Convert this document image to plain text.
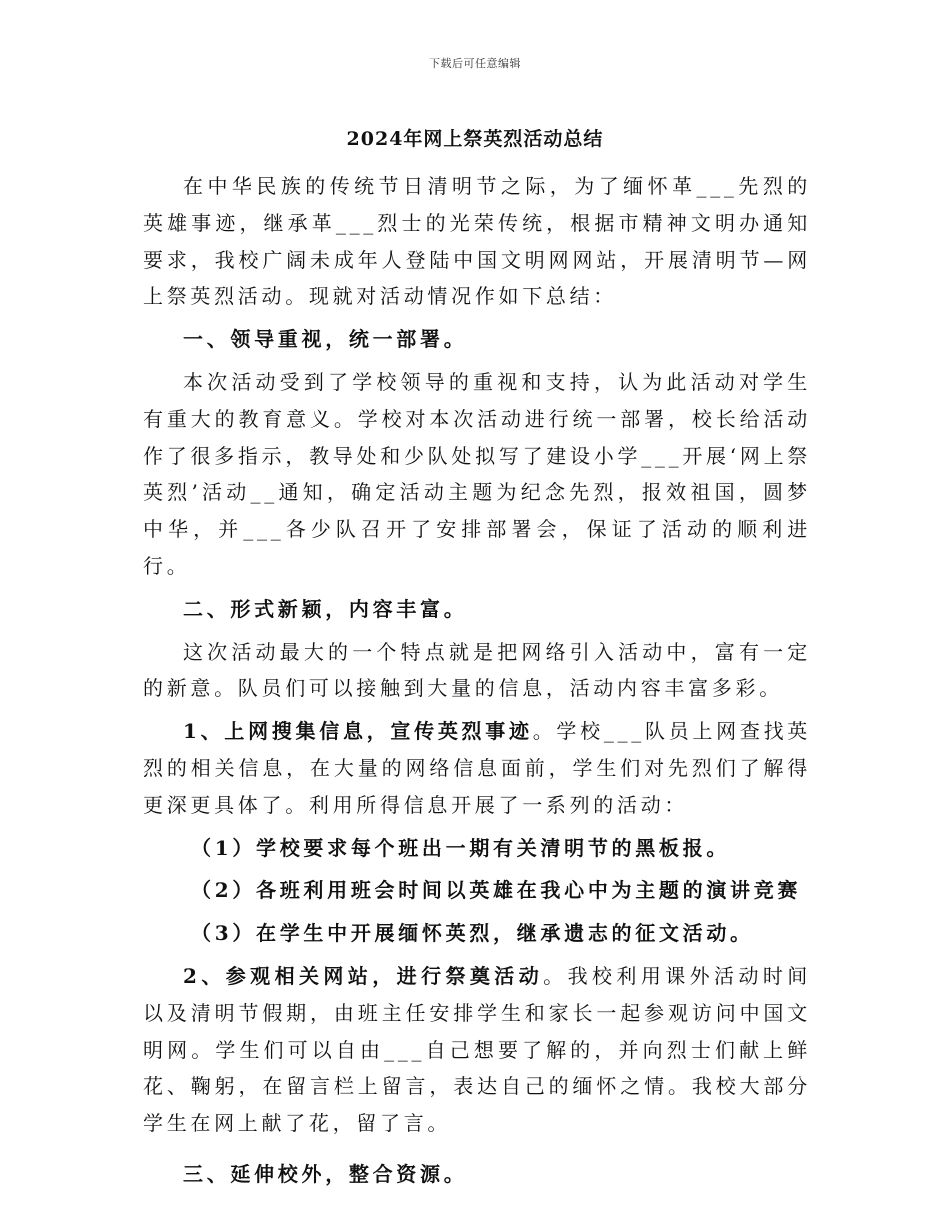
下载后可任意编辑
2024年网上祭英烈活动总结

在中华民族的传统节日清明节之际，为了缅怀革___先烈的英雄事迹，继承革___烈士的光荣传统，根据市精神文明办通知要求，我校广阔未成年人登陆中国文明网网站，开展清明节—网上祭英烈活动。现就对活动情况作如下总结：

一、领导重视，统一部署。

本次活动受到了学校领导的重视和支持，认为此活动对学生有重大的教育意义。学校对本次活动进行统一部署，校长给活动作了很多指示，教导处和少队处拟写了建设小学___开展‘网上祭英烈’活动__通知，确定活动主题为纪念先烈，报效祖国，圆梦中华，并___各少队召开了安排部署会，保证了活动的顺利进行。

二、形式新颖，内容丰富。

这次活动最大的一个特点就是把网络引入活动中，富有一定的新意。队员们可以接触到大量的信息，活动内容丰富多彩。

1、上网搜集信息，宣传英烈事迹。学校___队员上网查找英烈的相关信息，在大量的网络信息面前，学生们对先烈们了解得更深更具体了。利用所得信息开展了一系列的活动：

（1）学校要求每个班出一期有关清明节的黑板报。

（2）各班利用班会时间以英雄在我心中为主题的演讲竞赛

（3）在学生中开展缅怀英烈，继承遗志的征文活动。

2、参观相关网站，进行祭奠活动。我校利用课外活动时间以及清明节假期，由班主任安排学生和家长一起参观访问中国文明网。学生们可以自由___自己想要了解的，并向烈士们献上鲜花、鞠躬，在留言栏上留言，表达自己的缅怀之情。我校大部分学生在网上献了花，留了言。

三、延伸校外，整合资源。
